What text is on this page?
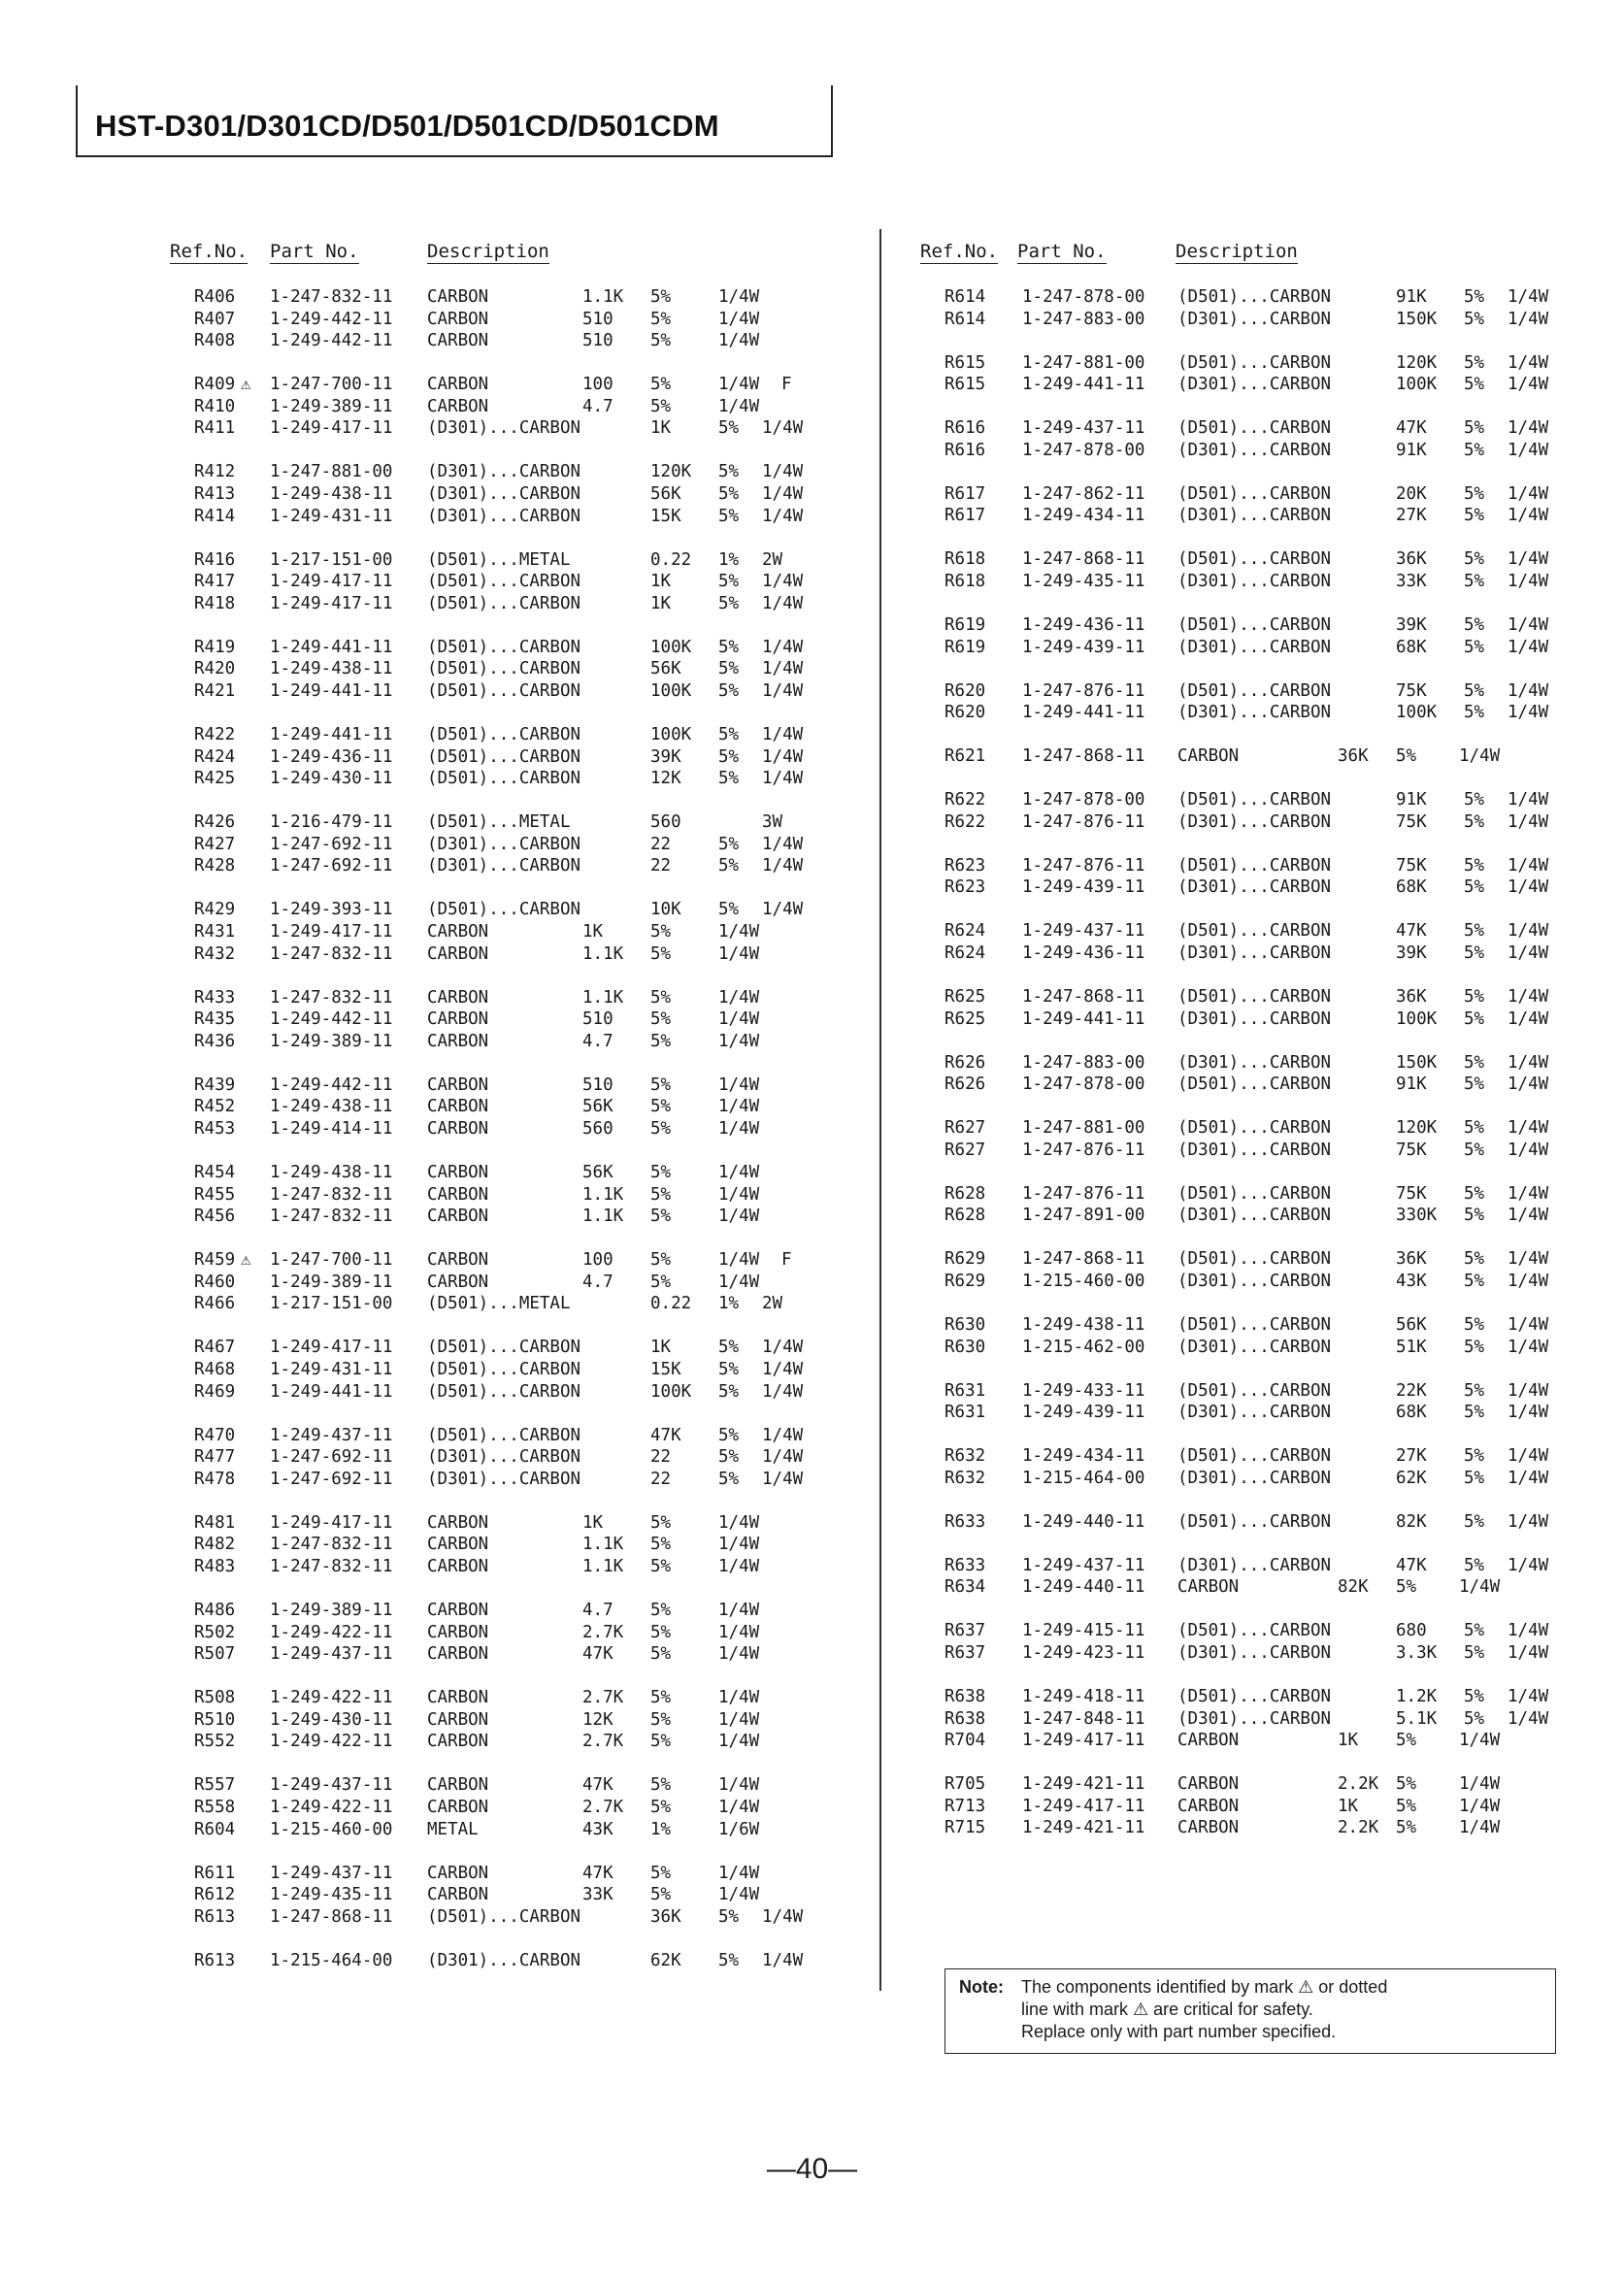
HST-D301/D301CD/D501/D501CD/D501CDM
Ref.No. Part No.	Description	Ref.No. Part No.	Description
R406 1-247-832-11 CARBON	1.1K 5%	1/4W
R407 1-249-442-11 CARBON	510 5%	1/4W
R408 1-249-442-11 CARBON	510 5%	1/4W
R409 ⚠ 1-247-700-11 CARBON	100 5%	1/4W F
R410 1-249-389-11 CARBON	4.7 5%	1/4W
R411 1-249-417-11 (D301)...CARBON	1K	5% 1/4W
R412 1-247-881-00 (D301)...CARBON	120K 5% 1/4W
R413 1-249-438-11 (D301)...CARBON	56K 5% 1/4W
R414 1-249-431-11 (D301)...CARBON	15K 5% 1/4W
R416 1-217-151-00 (D501)...METAL	0.22 1% 2W
R417 1-249-417-11 (D501)...CARBON	1K	5% 1/4W
R418 1-249-417-11 (D501)...CARBON	1K	5% 1/4W
R419 1-249-441-11 (D501)...CARBON	100K 5% 1/4W
R420 1-249-438-11 (D501)...CARBON	56K 5% 1/4W
R421 1-249-441-11 (D501)...CARBON	100K 5% 1/4W
R422 1-249-441-11 (D501)...CARBON	100K 5% 1/4W
R424 1-249-436-11 (D501)...CARBON	39K 5% 1/4W
R425 1-249-430-11 (D501)...CARBON	12K 5% 1/4W
R426 1-216-479-11 (D501)...METAL	560	3W
R427 1-247-692-11 (D301)...CARBON	22	5% 1/4W
R428 1-247-692-11 (D301)...CARBON	22	5% 1/4W
R429 1-249-393-11 (D501)...CARBON	10K 5% 1/4W
R431 1-249-417-11 CARBON	1K	5%	1/4W
R432 1-247-832-11 CARBON	1.1K 5%	1/4W
R433 1-247-832-11 CARBON	1.1K 5%	1/4W
R435 1-249-442-11 CARBON	510 5%	1/4W
R436 1-249-389-11 CARBON	4.7 5%	1/4W
R439 1-249-442-11 CARBON	510 5%	1/4W
R452 1-249-438-11 CARBON	56K 5%	1/4W
R453 1-249-414-11 CARBON	560 5%	1/4W
R454 1-249-438-11 CARBON	56K 5%	1/4W
R455 1-247-832-11 CARBON	1.1K 5%	1/4W
R456 1-247-832-11 CARBON	1.1K 5%	1/4W
R459 ⚠ 1-247-700-11 CARBON	100 5%	1/4W F
R460 1-249-389-11 CARBON	4.7 5%	1/4W
R466 1-217-151-00 (D501)...METAL	0.22 1% 2W
R467 1-249-417-11 (D501)...CARBON	1K	5% 1/4W
R468 1-249-431-11 (D501)...CARBON	15K 5% 1/4W
R469 1-249-441-11 (D501)...CARBON	100K 5% 1/4W
R470 1-249-437-11 (D501)...CARBON	47K 5% 1/4W
R477 1-247-692-11 (D301)...CARBON	22	5% 1/4W
R478 1-247-692-11 (D301)...CARBON	22	5% 1/4W
R481 1-249-417-11 CARBON	1K	5%	1/4W
R482 1-247-832-11 CARBON	1.1K 5%	1/4W
R483 1-247-832-11 CARBON	1.1K 5%	1/4W
R486 1-249-389-11 CARBON	4.7 5%	1/4W
R502 1-249-422-11 CARBON	2.7K 5%	1/4W
R507 1-249-437-11 CARBON	47K 5%	1/4W
R508 1-249-422-11 CARBON	2.7K 5%	1/4W
R510 1-249-430-11 CARBON	12K 5%	1/4W
R552 1-249-422-11 CARBON	2.7K 5%	1/4W
R557 1-249-437-11 CARBON	47K 5%	1/4W
R558 1-249-422-11 CARBON	2.7K 5%	1/4W
R604 1-215-460-00 METAL	43K 1%	1/6W
R611 1-249-437-11 CARBON	47K 5%	1/4W
R612 1-249-435-11 CARBON	33K 5%	1/4W
R613 1-247-868-11 (D501)...CARBON	36K 5% 1/4W
R613 1-215-464-00 (D301)...CARBON	62K 5% 1/4W
R614 1-247-878-00 (D501)...CARBON	91K 5% 1/4W
R614 1-247-883-00 (D301)...CARBON	150K 5% 1/4W
R615 1-247-881-00 (D501)...CARBON	120K 5% 1/4W
R615 1-249-441-11 (D301)...CARBON	100K 5% 1/4W
R616 1-249-437-11 (D501)...CARBON	47K 5% 1/4W
R616 1-247-878-00 (D301)...CARBON	91K 5% 1/4W
R617 1-247-862-11 (D501)...CARBON	20K 5% 1/4W
R617 1-249-434-11 (D301)...CARBON	27K 5% 1/4W
R618 1-247-868-11 (D501)...CARBON	36K 5% 1/4W
R618 1-249-435-11 (D301)...CARBON	33K 5% 1/4W
R619 1-249-436-11 (D501)...CARBON	39K 5% 1/4W
R619 1-249-439-11 (D301)...CARBON	68K 5% 1/4W
R620 1-247-876-11 (D501)...CARBON	75K 5% 1/4W
R620 1-249-441-11 (D301)...CARBON	100K 5% 1/4W
R621 1-247-868-11 CARBON	36K 5%	1/4W
R622 1-247-878-00 (D501)...CARBON	91K 5% 1/4W
R622 1-247-876-11 (D301)...CARBON	75K 5% 1/4W
R623 1-247-876-11 (D501)...CARBON	75K 5% 1/4W
R623 1-249-439-11 (D301)...CARBON	68K 5% 1/4W
R624 1-249-437-11 (D501)...CARBON	47K 5% 1/4W
R624 1-249-436-11 (D301)...CARBON	39K 5% 1/4W
R625 1-247-868-11 (D501)...CARBON	36K 5% 1/4W
R625 1-249-441-11 (D301)...CARBON	100K 5% 1/4W
R626 1-247-883-00 (D301)...CARBON	150K 5% 1/4W
R626 1-247-878-00 (D501)...CARBON	91K 5% 1/4W
R627 1-247-881-00 (D501)...CARBON	120K 5% 1/4W
R627 1-247-876-11 (D301)...CARBON	75K 5% 1/4W
R628 1-247-876-11 (D501)...CARBON	75K 5% 1/4W
R628 1-247-891-00 (D301)...CARBON	330K 5% 1/4W
R629 1-247-868-11 (D501)...CARBON	36K 5% 1/4W
R629 1-215-460-00 (D301)...CARBON	43K 5% 1/4W
R630 1-249-438-11 (D501)...CARBON	56K 5% 1/4W
R630 1-215-462-00 (D301)...CARBON	51K 5% 1/4W
R631 1-249-433-11 (D501)...CARBON	22K 5% 1/4W
R631 1-249-439-11 (D301)...CARBON	68K 5% 1/4W
R632 1-249-434-11 (D501)...CARBON	27K 5% 1/4W
R632 1-215-464-00 (D301)...CARBON	62K 5% 1/4W
R633 1-249-440-11 (D501)...CARBON	82K 5% 1/4W
R633 1-249-437-11 (D301)...CARBON	47K 5% 1/4W
R634 1-249-440-11 CARBON	82K 5%	1/4W
R637 1-249-415-11 (D501)...CARBON	680 5% 1/4W
R637 1-249-423-11 (D301)...CARBON	3.3K 5% 1/4W
R638 1-249-418-11 (D501)...CARBON	1.2K 5% 1/4W
R638 1-247-848-11 (D301)...CARBON	5.1K 5% 1/4W
R704 1-249-417-11 CARBON	1K 5%	1/4W
R705 1-249-421-11 CARBON	2.2K 5%	1/4W
R713 1-249-417-11 CARBON	1K 5%	1/4W
R715 1-249-421-11 CARBON	2.2K 5%	1/4W
Note: The components identified by mark ⚠ or dotted
line with mark ⚠ are critical for safety.
Replace only with part number specified.
—40—
